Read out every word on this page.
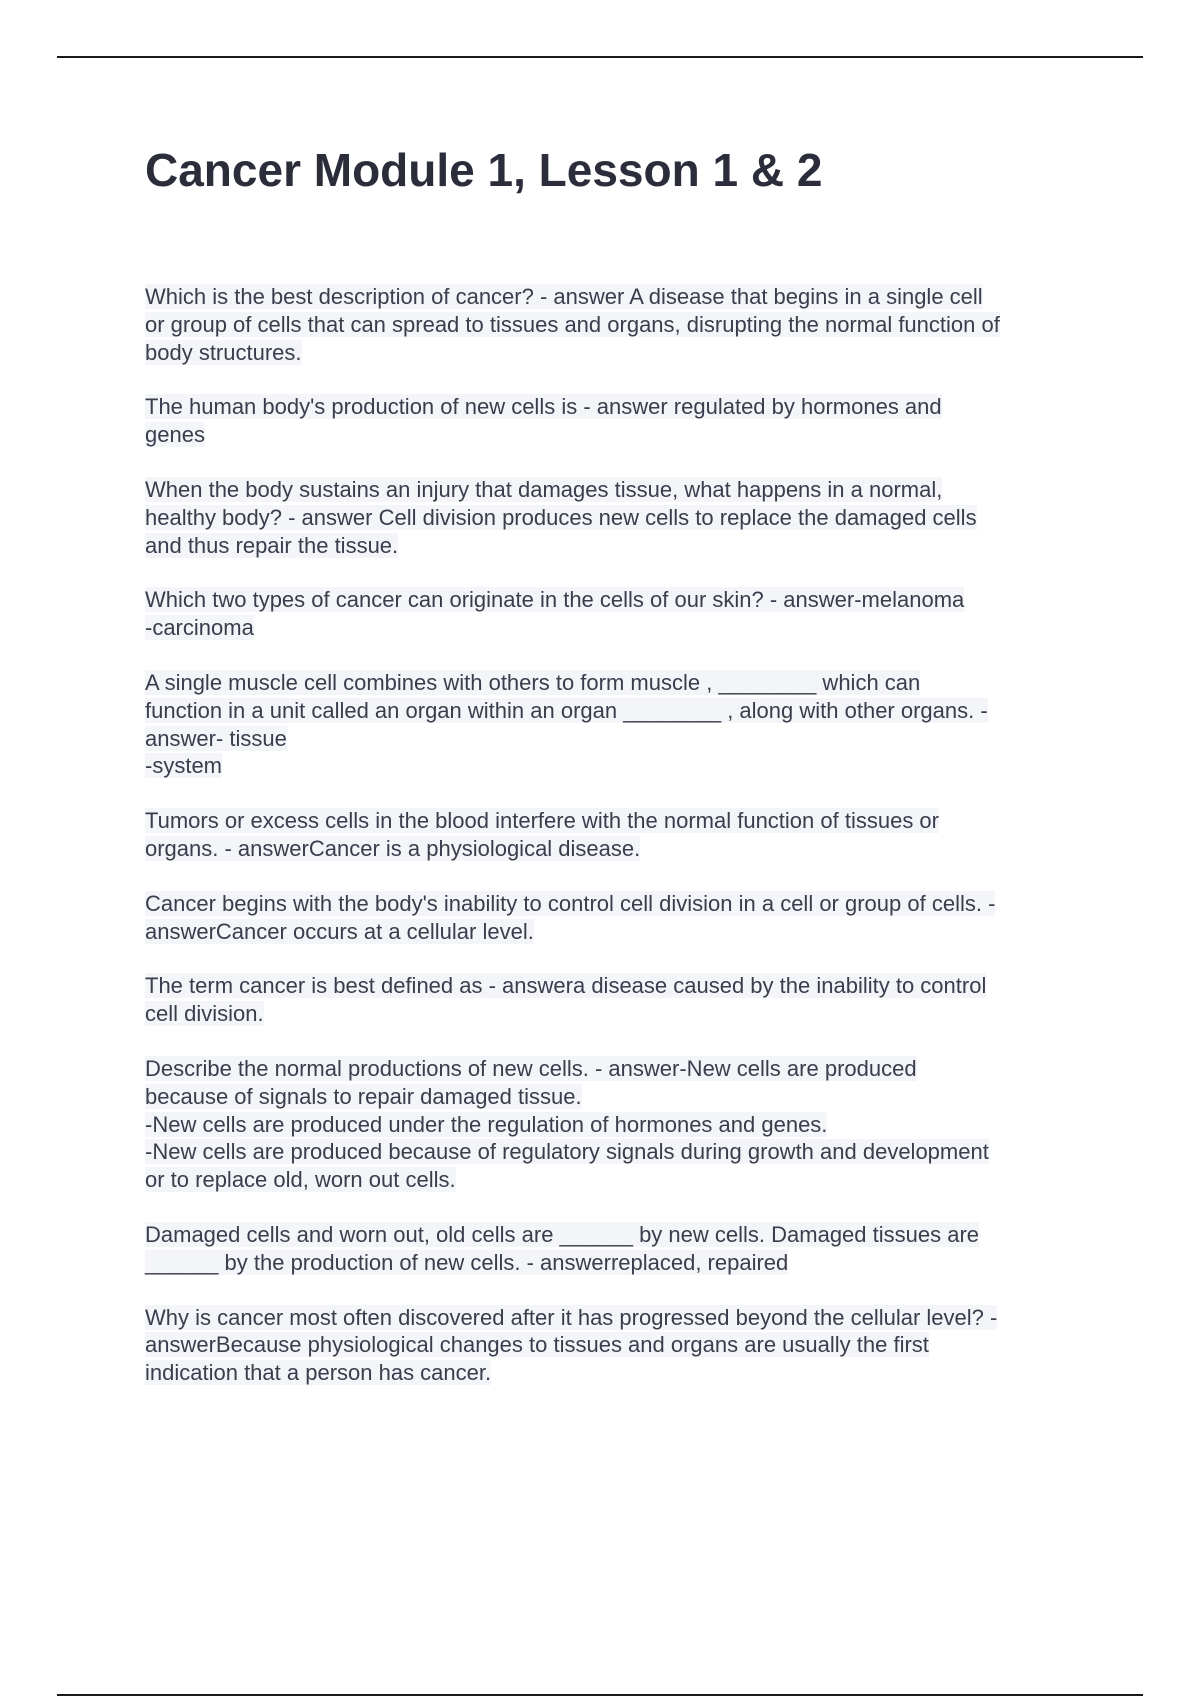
Cancer Module 1, Lesson 1 & 2
Which is the best description of cancer? - answer A disease that begins in a single cell
or group of cells that can spread to tissues and organs, disrupting the normal function of
body structures.
The human body's production of new cells is - answer regulated by hormones and
genes
When the body sustains an injury that damages tissue, what happens in a normal,
healthy body? - answer Cell division produces new cells to replace the damaged cells
and thus repair the tissue.
Which two types of cancer can originate in the cells of our skin? - answer-melanoma
-carcinoma
A single muscle cell combines with others to form muscle , ________ which can
function in a unit called an organ within an organ ________ , along with other organs. -
answer- tissue
-system
Tumors or excess cells in the blood interfere with the normal function of tissues or
organs. - answerCancer is a physiological disease.
Cancer begins with the body's inability to control cell division in a cell or group of cells. -
answerCancer occurs at a cellular level.
The term cancer is best defined as - answera disease caused by the inability to control
cell division.
Describe the normal productions of new cells. - answer-New cells are produced
because of signals to repair damaged tissue.
-New cells are produced under the regulation of hormones and genes.
-New cells are produced because of regulatory signals during growth and development
or to replace old, worn out cells.
Damaged cells and worn out, old cells are ______ by new cells. Damaged tissues are
______ by the production of new cells. - answerreplaced, repaired
Why is cancer most often discovered after it has progressed beyond the cellular level? -
answerBecause physiological changes to tissues and organs are usually the first
indication that a person has cancer.
